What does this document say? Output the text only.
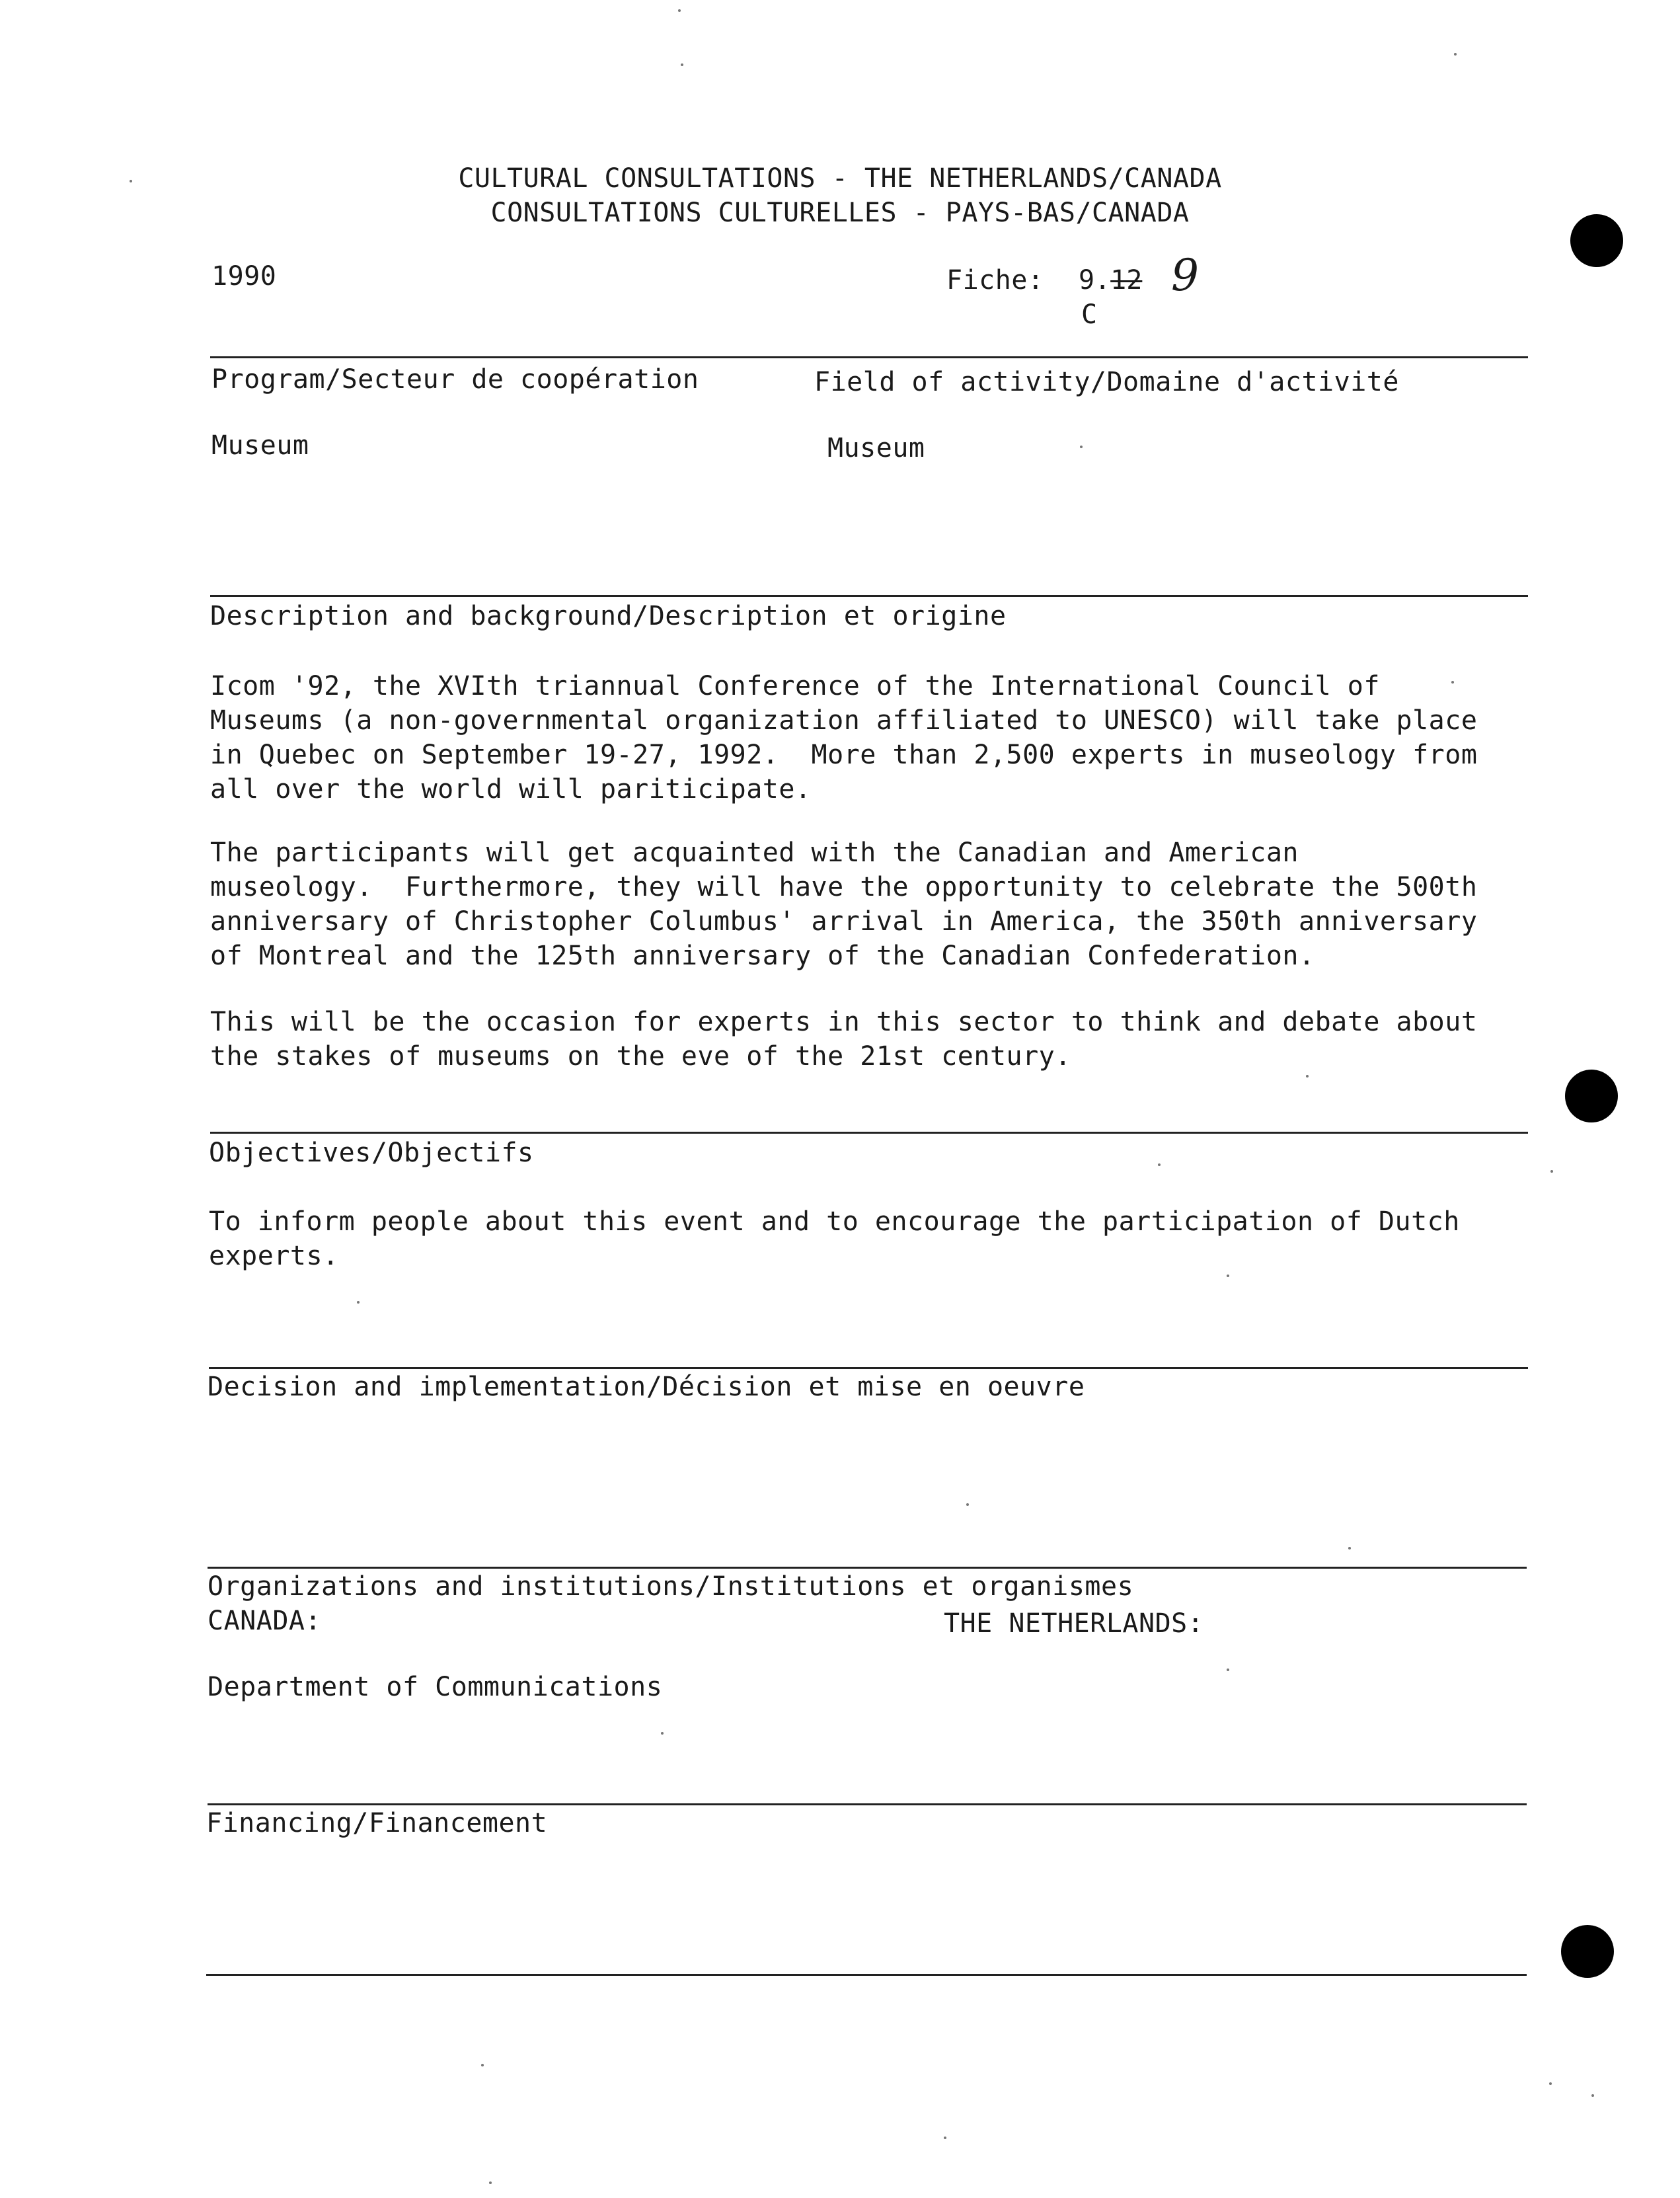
CULTURAL CONSULTATIONS - THE NETHERLANDS/CANADA
CONSULTATIONS CULTURELLES - PAYS-BAS/CANADA
1990	Fiche: 9.12 9
C
Program/Secteur de coopération	Field of activity/Domaine d'activité
Museum	Museum
Description and background/Description et origine
Icom '92, the XVIth triannual Conference of the International Council of
Museums (a non-governmental organization affiliated to UNESCO) will take place
in Quebec on September 19-27, 1992.  More than 2,500 experts in museology from
all over the world will pariticipate.
The participants will get acquainted with the Canadian and American
museology.  Furthermore, they will have the opportunity to celebrate the 500th
anniversary of Christopher Columbus' arrival in America, the 350th anniversary
of Montreal and the 125th anniversary of the Canadian Confederation.
This will be the occasion for experts in this sector to think and debate about
the stakes of museums on the eve of the 21st century.
Objectives/Objectifs
To inform people about this event and to encourage the participation of Dutch
experts.
Decision and implementation/Décision et mise en oeuvre
Organizations and institutions/Institutions et organismes
CANADA:	THE NETHERLANDS:
Department of Communications
Financing/Financement
